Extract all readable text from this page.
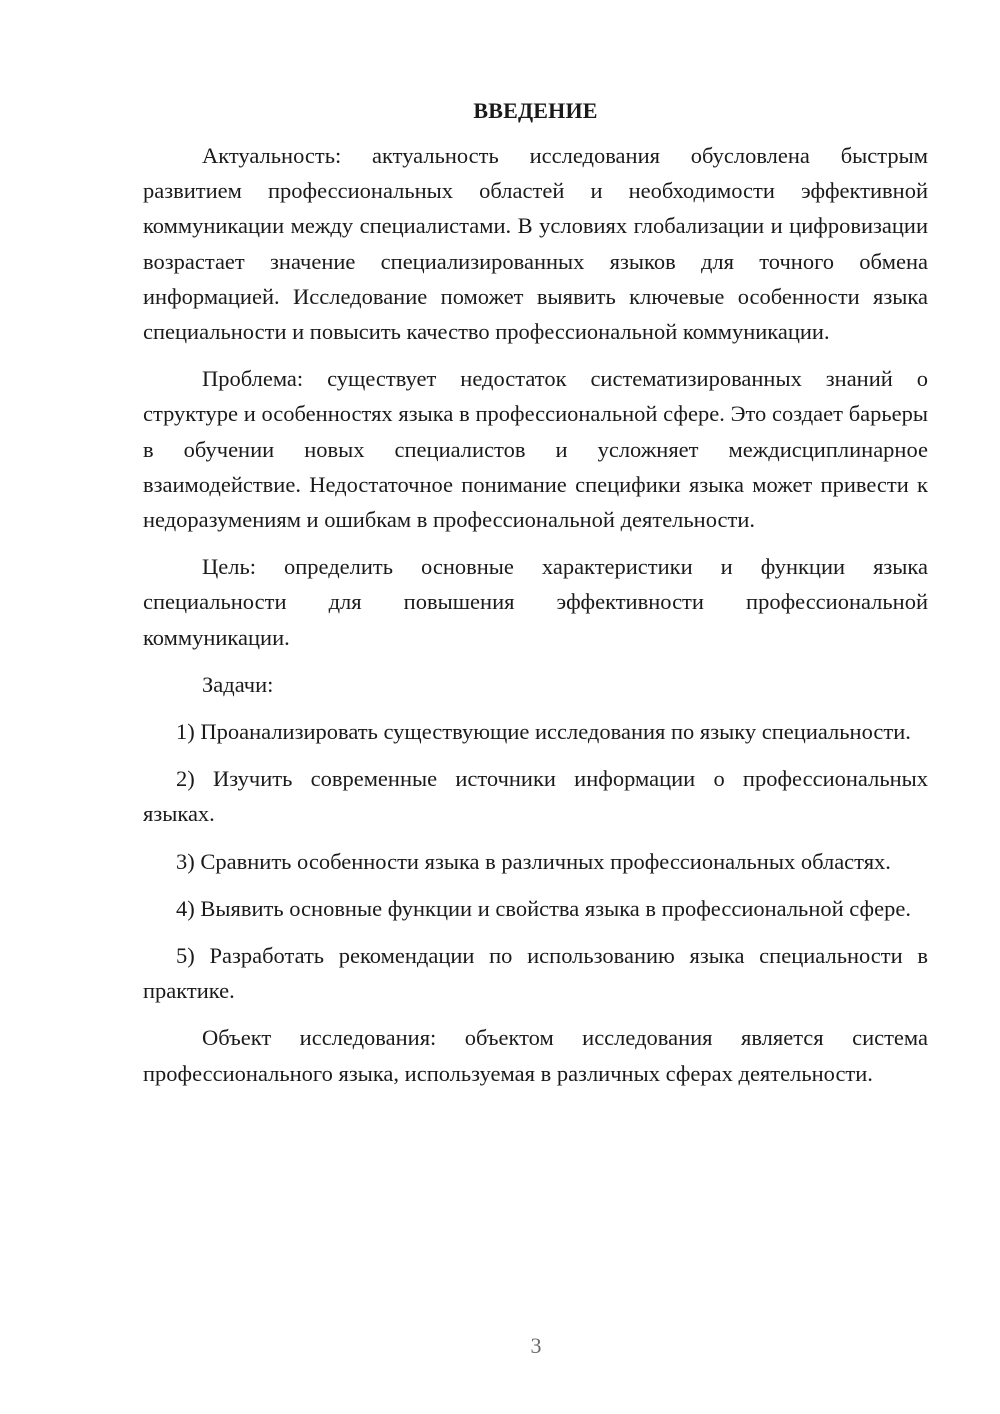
ВВЕДЕНИЕ

Актуальность: актуальность исследования обусловлена быстрым развитием профессиональных областей и необходимости эффективной коммуникации между специалистами. В условиях глобализации и цифровизации возрастает значение специализированных языков для точного обмена информацией. Исследование поможет выявить ключевые особенности языка специальности и повысить качество профессиональной коммуникации.

Проблема: существует недостаток систематизированных знаний о структуре и особенностях языка в профессиональной сфере. Это создает барьеры в обучении новых специалистов и усложняет междисциплинарное взаимодействие. Недостаточное понимание специфики языка может привести к недоразумениям и ошибкам в профессиональной деятельности.

Цель: определить основные характеристики и функции языка специальности для повышения эффективности профессиональной коммуникации.

Задачи:

1) Проанализировать существующие исследования по языку специальности.

2) Изучить современные источники информации о профессиональных языках.

3) Сравнить особенности языка в различных профессиональных областях.

4) Выявить основные функции и свойства языка в профессиональной сфере.

5) Разработать рекомендации по использованию языка специальности в практике.

Объект исследования: объектом исследования является система профессионального языка, используемая в различных сферах деятельности.

3
